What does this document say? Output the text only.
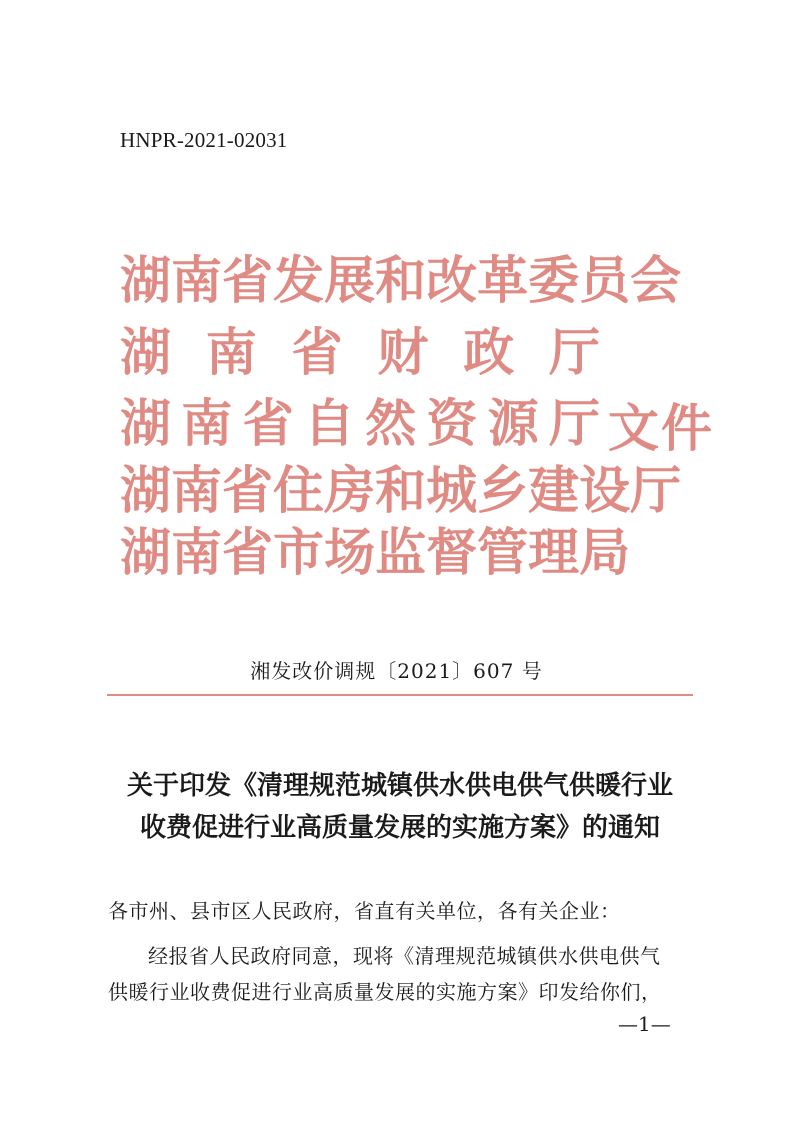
HNPR-2021-02031
湖 南 省 发 展 和 改 革 委 员 会
湖 南 省 财 政 厅
湖 南 省 自 然 资 源 厅
湖 南 省 住 房 和 城 乡 建 设 厅
湖 南 省 市 场 监 督 管 理 局
文件
湘发改价调规〔2021〕607 号
关于印发《清理规范城镇供水供电供气供暖行业
收费促进行业高质量发展的实施方案》的通知
各市州、县市区人民政府，省直有关单位，各有关企业：
经报省人民政府同意，现将《清理规范城镇供水供电供气
供暖行业收费促进行业高质量发展的实施方案》印发给你们，
—1—
